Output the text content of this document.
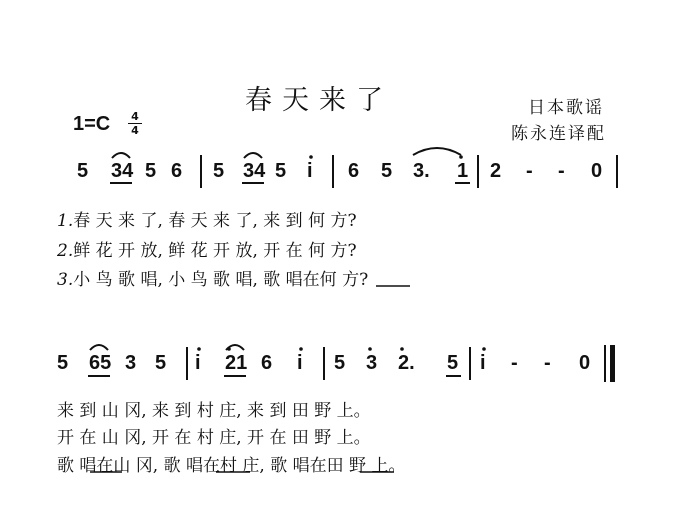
春天来了	日本歌谣
陈永连译配
1=C 4
4
5 34 5 6 5 34 5 i 6 5 3. 1 2 - - 0
1.春 天 来 了, 春 天 来 了, 来 到 何 方?
2.鲜 花 开 放, 鲜 花 开 放, 开 在 何 方?
3.小 鸟 歌 唱, 小 鸟 歌 唱, 歌 唱在何 方?
5 65 3 5 i 21 6 i 5 3 2. 5 i - - 0
来 到 山 冈, 来 到 村 庄, 来 到 田 野 上。
开 在 山 冈, 开 在 村 庄, 开 在 田 野 上。
歌 唱在山 冈, 歌 唱在村 庄, 歌 唱在田 野 上。
